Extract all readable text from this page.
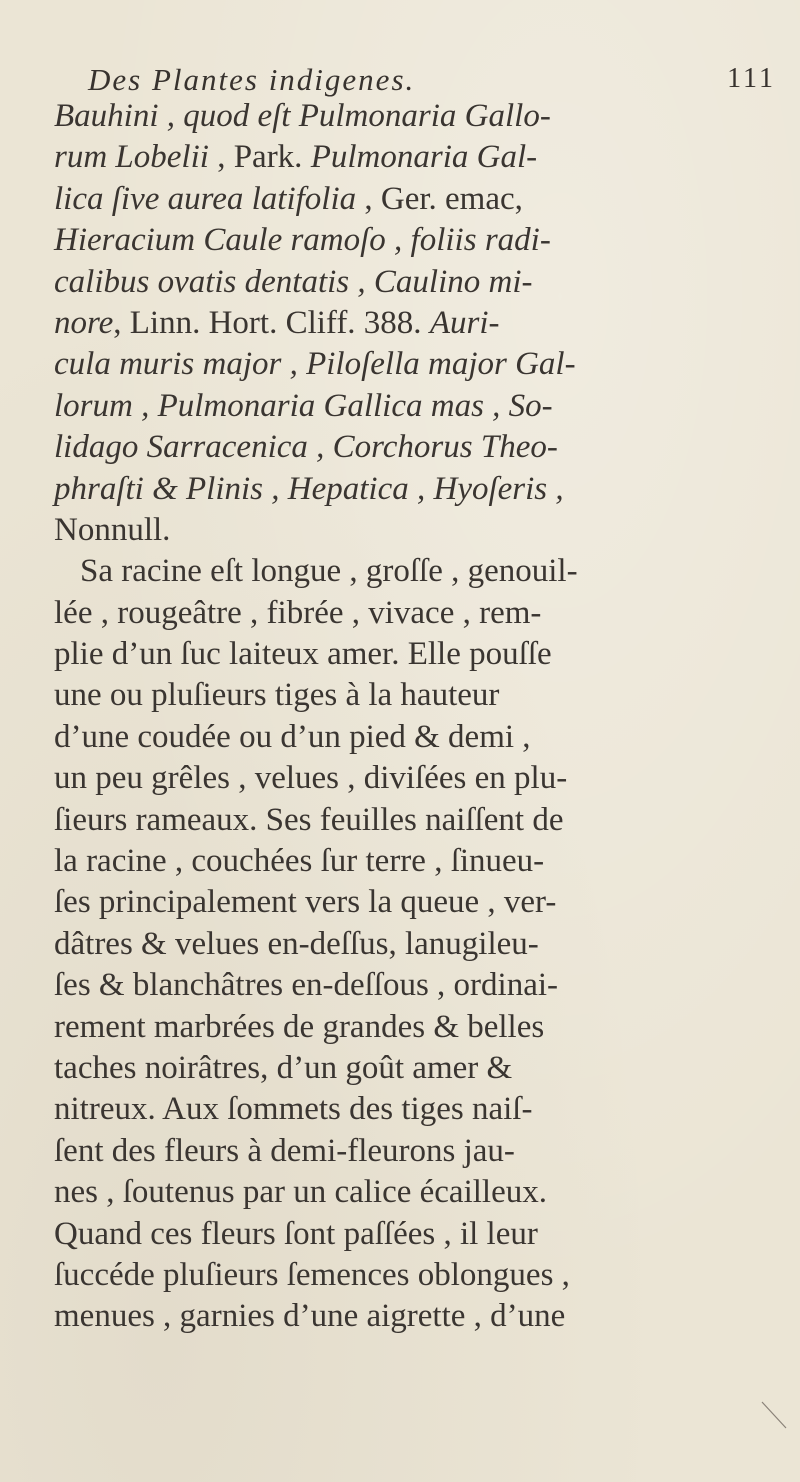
Des Plantes indigenes.	111
Bauhini , quod eſt Pulmonaria Gallo-
rum Lobelii , Park. Pulmonaria Gal-
lica ſive aurea latifolia , Ger. emac,
Hieracium Caule ramoſo , foliis radi-
calibus ovatis dentatis , Caulino mi-
nore, Linn. Hort. Cliff. 388. Auri-
cula muris major , Piloſella major Gal-
lorum , Pulmonaria Gallica mas , So-
lidago Sarracenica , Corchorus Theo-
phraſti & Plinis , Hepatica , Hyoſeris ,
Nonnull.
Sa racine eſt longue , groſſe , genouil-
lée , rougeâtre , fibrée , vivace , rem-
plie d’un ſuc laiteux amer. Elle pouſſe
une ou pluſieurs tiges à la hauteur
d’une coudée ou d’un pied & demi ,
un peu grêles , velues , diviſées en plu-
ſieurs rameaux. Ses feuilles naiſſent de
la racine , couchées ſur terre , ſinueu-
ſes principalement vers la queue , ver-
dâtres & velues en-deſſus, lanugileu-
ſes & blanchâtres en-deſſous , ordinai-
rement marbrées de grandes & belles
taches noirâtres, d’un goût amer &
nitreux. Aux ſommets des tiges naiſ-
ſent des fleurs à demi-fleurons jau-
nes , ſoutenus par un calice écailleux.
Quand ces fleurs ſont paſſées , il leur
ſuccéde pluſieurs ſemences oblongues ,
menues , garnies d’une aigrette , d’une
